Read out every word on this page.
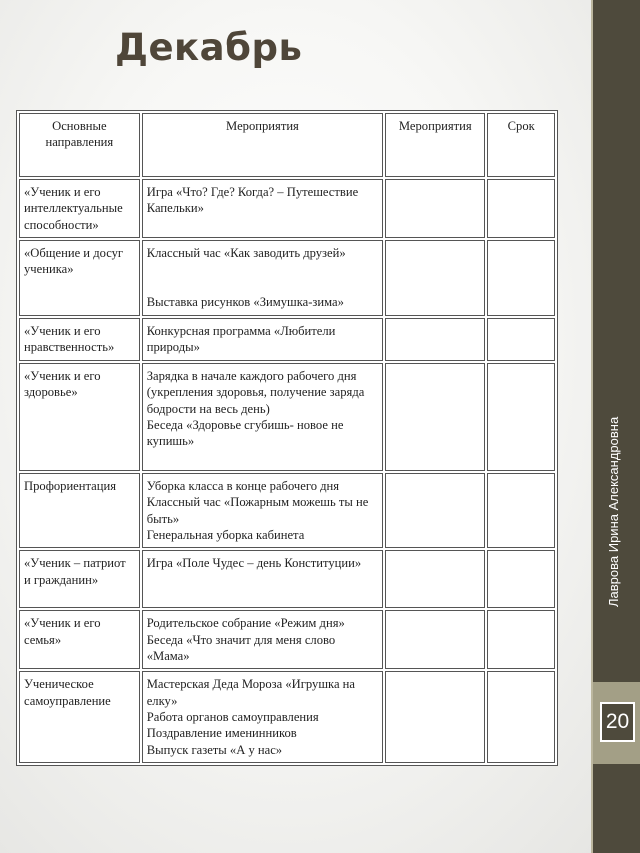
Декабрь
Лаврова Ирина Александровна
20
Основные направления	Мероприятия	Мероприятия	Срок
«Ученик и его интеллектуальные способности»	Игра «Что? Где? Когда? – Путешествие Капельки»		
«Общение и досуг ученика»	Классный час «Как заводить друзей»

Выставка рисунков «Зимушка-зима»		
«Ученик и его нравственность»	Конкурсная программа «Любители природы»		
«Ученик и его здоровье»	Зарядка в начале каждого рабочего дня (укрепления здоровья, получение заряда бодрости на весь день)
Беседа «Здоровье сгубишь- новое не купишь»		
Профориентация	Уборка класса в конце рабочего дня
Классный час «Пожарным можешь ты не быть»
Генеральная уборка кабинета		
«Ученик – патриот и гражданин»	Игра «Поле Чудес – день Конституции»		
«Ученик и его семья»	Родительское собрание «Режим дня»
Беседа «Что значит для меня слово «Мама»		
Ученическое самоуправление	Мастерская Деда Мороза «Игрушка на елку»
Работа органов самоуправления
Поздравление именинников
Выпуск газеты «А у нас»		
